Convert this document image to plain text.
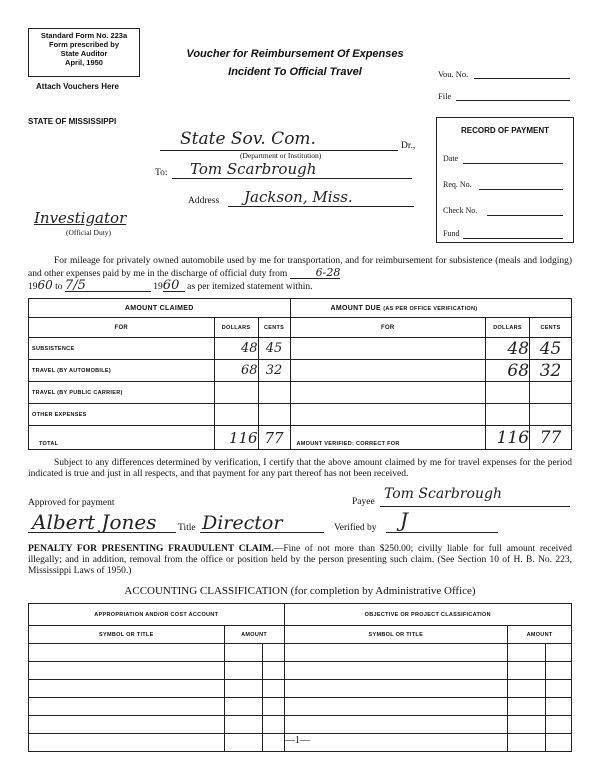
Standard Form No. 223a
Form prescribed by
State Auditor
April, 1950
Attach Vouchers Here
Voucher for Reimbursement Of Expenses
Incident To Official Travel	Vou. No.
File
STATE OF MISSISSIPPI
RECORD OF PAYMENT
Date
Req. No.
Check No.
Fund
State Sov. Com.	Dr.,
(Department or Institution)
To: Tom Scarbrough
Address Jackson, Miss.
Investigator
(Official Duty)
For mileage for privately owned automobile used by me for transportation, and for reimbursement for subsistence (meals and lodging) and other expenses paid by me in the discharge of official duty from	6-28
1960 to 7/5	1960 as per itemized statement within.
AMOUNT CLAIMED			AMOUNT DUE (AS PER OFFICE VERIFICATION)		
FOR	DOLLARS	CENTS	FOR	DOLLARS	CENTS
SUBSISTENCE	48	45		48	45
TRAVEL (BY AUTOMOBILE)	68	32		68	32
TRAVEL (BY PUBLIC CARRIER)					
OTHER EXPENSES					
TOTAL	116	77	AMOUNT VERIFIED: CORRECT FOR	116	77
Subject to any differences determined by verification, I certify that the above amount claimed by me for travel expenses for the period indicated is true and just in all respects, and that payment for any part thereof has not been received.
Payee Tom Scarbrough
Approved for payment
Albert Jones Title Director	Verified by J
PENALTY FOR PRESENTING FRAUDULENT CLAIM.—Fine of not more than $250.00; civilly liable for full amount received illegally; and in addition, removal from the office or position held by the person presenting such claim. (See Section 10 of H. B. No. 223, Mississippi Laws of 1950.)
ACCOUNTING CLASSIFICATION (for completion by Administrative Office)
APPROPRIATION AND/OR COST ACCOUNT			OBJECTIVE OR PROJECT CLASSIFICATION		
SYMBOL OR TITLE	AMOUNT		SYMBOL OR TITLE	AMOUNT	

—1—
